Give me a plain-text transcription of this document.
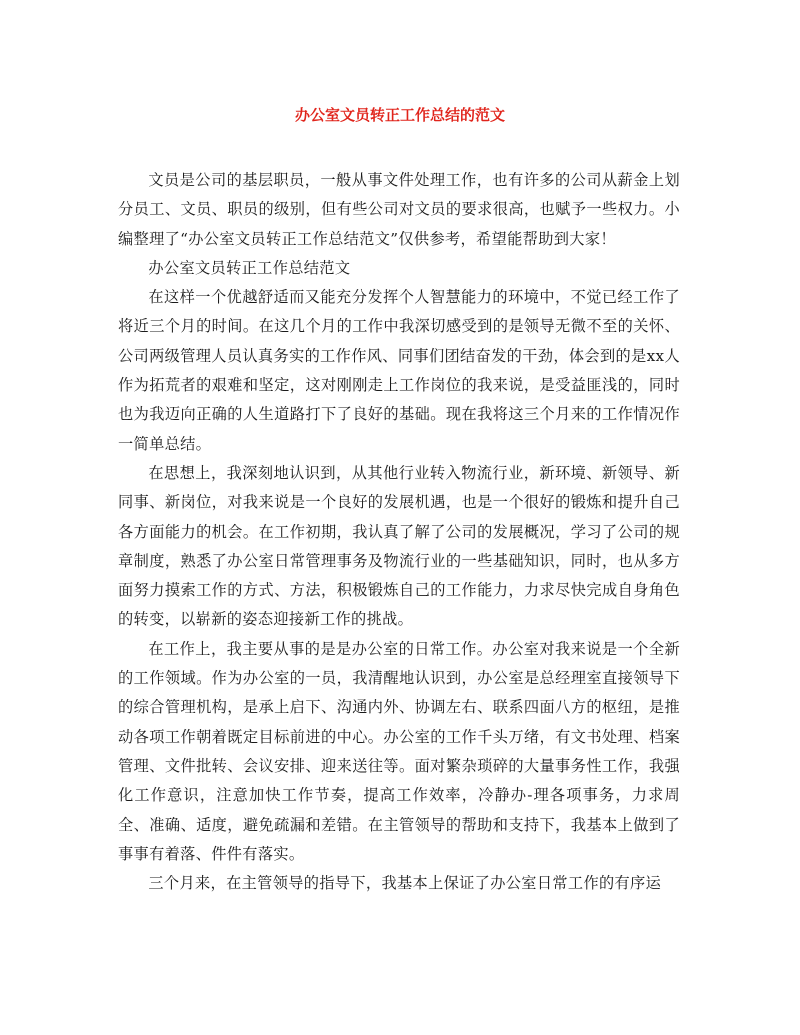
办公室文员转正工作总结的范文

文员是公司的基层职员，一般从事文件处理工作，也有许多的公司从薪金上划分员工、文员、职员的级别，但有些公司对文员的要求很高，也赋予一些权力。小编整理了“办公室文员转正工作总结范文”仅供参考，希望能帮助到大家！

办公室文员转正工作总结范文

在这样一个优越舒适而又能充分发挥个人智慧能力的环境中，不觉已经工作了将近三个月的时间。在这几个月的工作中我深切感受到的是领导无微不至的关怀、公司两级管理人员认真务实的工作作风、同事们团结奋发的干劲，体会到的是xx人作为拓荒者的艰难和坚定，这对刚刚走上工作岗位的我来说，是受益匪浅的，同时也为我迈向正确的人生道路打下了良好的基础。现在我将这三个月来的工作情况作一简单总结。

在思想上，我深刻地认识到，从其他行业转入物流行业，新环境、新领导、新同事、新岗位，对我来说是一个良好的发展机遇，也是一个很好的锻炼和提升自己各方面能力的机会。在工作初期，我认真了解了公司的发展概况，学习了公司的规章制度，熟悉了办公室日常管理事务及物流行业的一些基础知识，同时，也从多方面努力摸索工作的方式、方法，积极锻炼自己的工作能力，力求尽快完成自身角色的转变，以崭新的姿态迎接新工作的挑战。

在工作上，我主要从事的是是办公室的日常工作。办公室对我来说是一个全新的工作领域。作为办公室的一员，我清醒地认识到，办公室是总经理室直接领导下的综合管理机构，是承上启下、沟通内外、协调左右、联系四面八方的枢纽，是推动各项工作朝着既定目标前进的中心。办公室的工作千头万绪，有文书处理、档案管理、文件批转、会议安排、迎来送往等。面对繁杂琐碎的大量事务性工作，我强化工作意识，注意加快工作节奏，提高工作效率，冷静办-理各项事务，力求周全、准确、适度，避免疏漏和差错。在主管领导的帮助和支持下，我基本上做到了事事有着落、件件有落实。

三个月来，在主管领导的指导下，我基本上保证了办公室日常工作的有序运
